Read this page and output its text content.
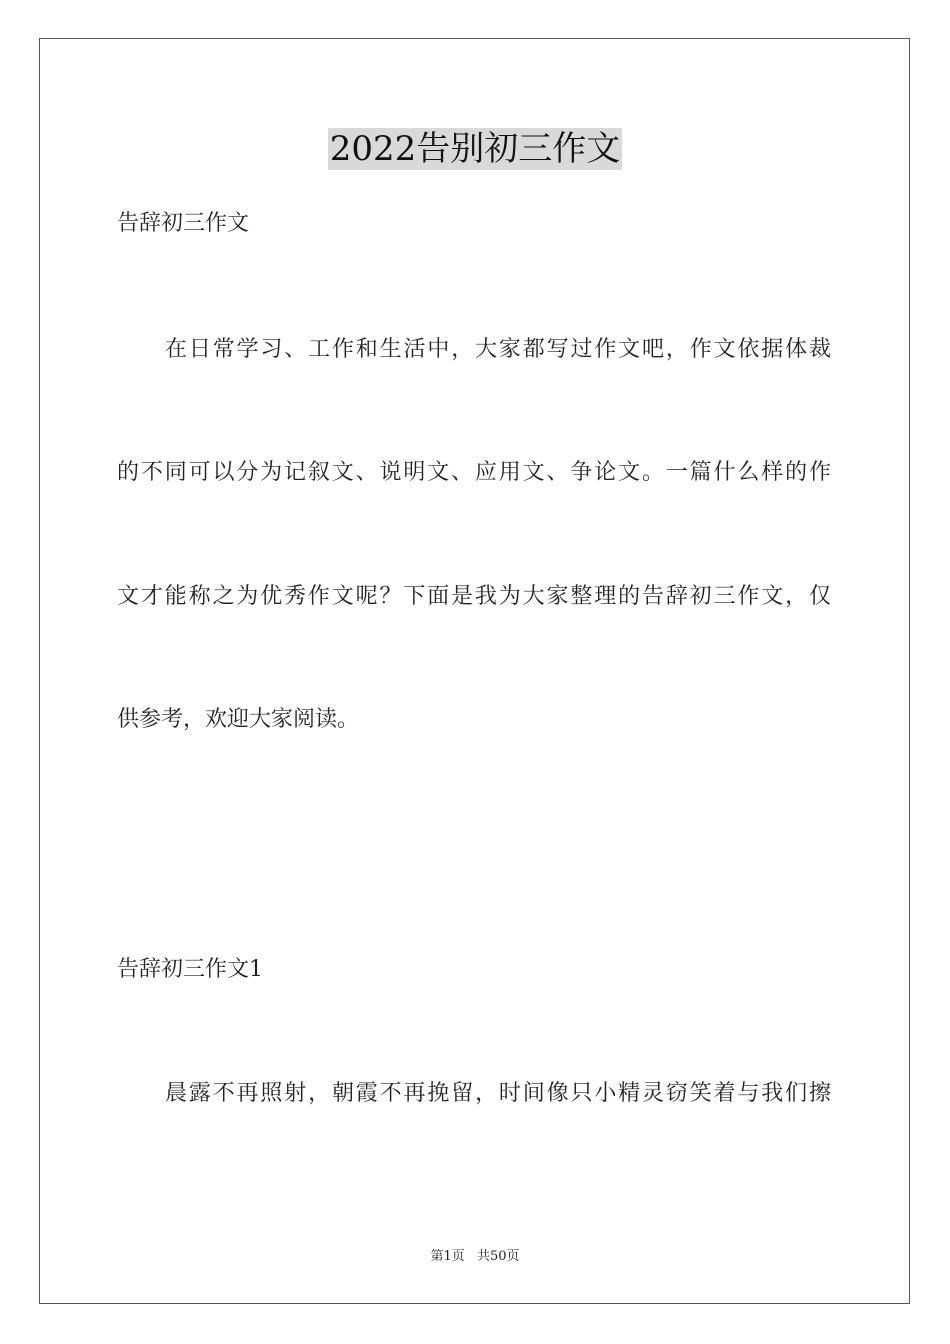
2022告别初三作文
告辞初三作文
在日常学习、工作和生活中，大家都写过作文吧，作文依据体裁
的不同可以分为记叙文、说明文、应用文、争论文。一篇什么样的作
文才能称之为优秀作文呢？下面是我为大家整理的告辞初三作文，仅
供参考，欢迎大家阅读。
告辞初三作文1
晨露不再照射，朝霞不再挽留，时间像只小精灵窃笑着与我们擦
第1页 共50页
